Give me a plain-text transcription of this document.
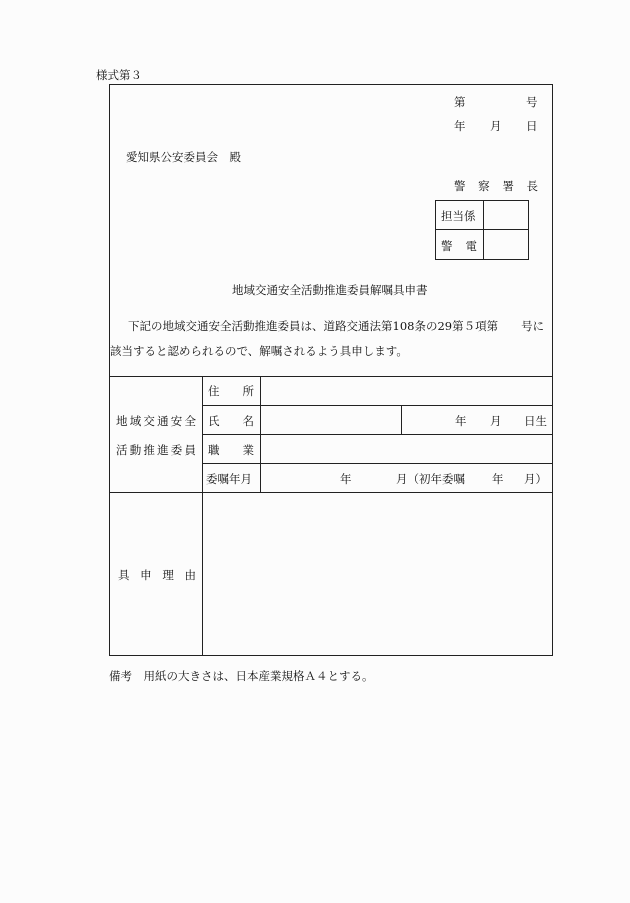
様式第３
第	号
年 月 日
愛知県公安委員会　殿
警 察 署 長
担当係
警 電
地域交通安全活動推進委員解嘱具申書
下記の地域交通安全活動推進委員は、道路交通法第108条の29第５項第　　号に
該当すると認められるので、解嘱されるよう具申します。
地 域 交 通 安 全
活 動 推 進 委 員
住 所
氏 名
職 業
委嘱年月
年 月 日生
年	月（初年委嘱 年 月）
具 申 理 由
備考　用紙の大きさは、日本産業規格Ａ４とする。
